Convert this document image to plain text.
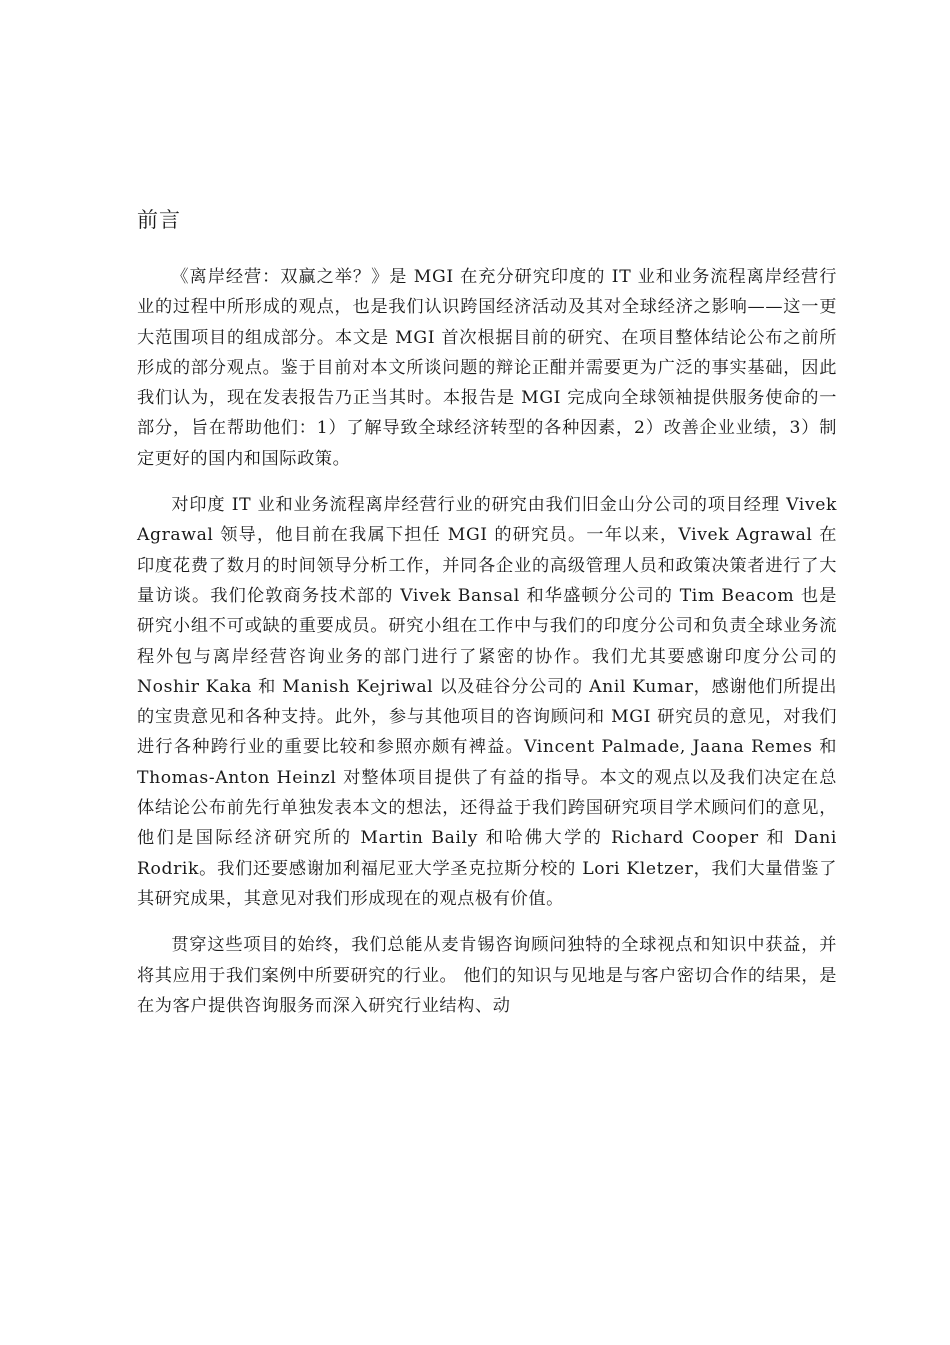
前言

《离岸经营：双赢之举？》是 MGI 在充分研究印度的 IT 业和业务流程离岸经营行业的过程中所形成的观点，也是我们认识跨国经济活动及其对全球经济之影响——这一更大范围项目的组成部分。本文是 MGI 首次根据目前的研究、在项目整体结论公布之前所形成的部分观点。鉴于目前对本文所谈问题的辩论正酣并需要更为广泛的事实基础，因此我们认为，现在发表报告乃正当其时。本报告是 MGI 完成向全球领袖提供服务使命的一部分，旨在帮助他们：1）了解导致全球经济转型的各种因素，2）改善企业业绩，3）制定更好的国内和国际政策。

对印度 IT 业和业务流程离岸经营行业的研究由我们旧金山分公司的项目经理 Vivek Agrawal 领导，他目前在我属下担任 MGI 的研究员。一年以来，Vivek Agrawal 在印度花费了数月的时间领导分析工作，并同各企业的高级管理人员和政策决策者进行了大量访谈。我们伦敦商务技术部的 Vivek Bansal 和华盛顿分公司的 Tim Beacom 也是研究小组不可或缺的重要成员。研究小组在工作中与我们的印度分公司和负责全球业务流程外包与离岸经营咨询业务的部门进行了紧密的协作。我们尤其要感谢印度分公司的 Noshir Kaka 和 Manish Kejriwal 以及硅谷分公司的 Anil Kumar，感谢他们所提出的宝贵意见和各种支持。此外，参与其他项目的咨询顾问和 MGI 研究员的意见，对我们进行各种跨行业的重要比较和参照亦颇有裨益。Vincent Palmade, Jaana Remes 和 Thomas-Anton Heinzl 对整体项目提供了有益的指导。本文的观点以及我们决定在总体结论公布前先行单独发表本文的想法，还得益于我们跨国研究项目学术顾问们的意见，他们是国际经济研究所的 Martin Baily 和哈佛大学的 Richard Cooper 和 Dani Rodrik。我们还要感谢加利福尼亚大学圣克拉斯分校的 Lori Kletzer，我们大量借鉴了其研究成果，其意见对我们形成现在的观点极有价值。

贯穿这些项目的始终，我们总能从麦肯锡咨询顾问独特的全球视点和知识中获益，并将其应用于我们案例中所要研究的行业。 他们的知识与见地是与客户密切合作的结果，是在为客户提供咨询服务而深入研究行业结构、动
